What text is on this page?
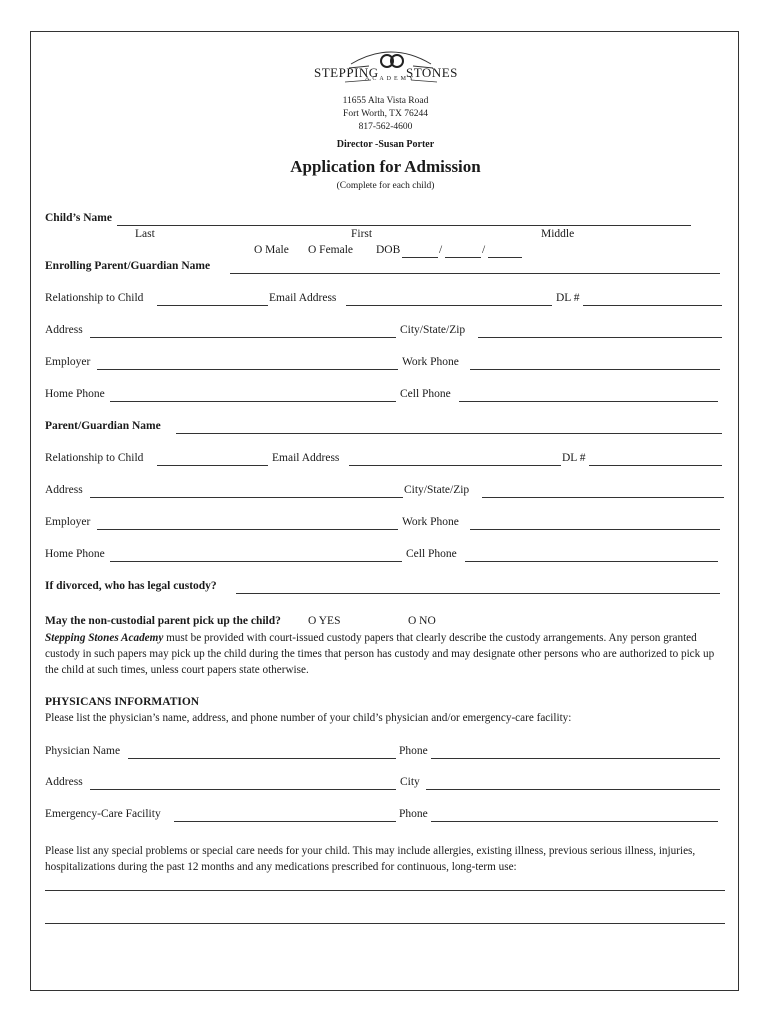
STEPPING STONES
ACADEMY
11655 Alta Vista Road
Fort Worth, TX 76244
817-562-4600
Director -Susan Porter
Application for Admission
(Complete for each child)
Child’s Name
Last	First	Middle
O Male O Female DOB	/	/
Enrolling Parent/Guardian Name
Relationship to Child	Email Address	DL #
Address	City/State/Zip
Employer	Work Phone
Home Phone	Cell Phone
Parent/Guardian Name
Relationship to Child	Email Address	DL #
Address	City/State/Zip
Employer	Work Phone
Home Phone	Cell Phone
If divorced, who has legal custody?
May the non-custodial parent pick up the child? O YES	O NO
Stepping Stones Academy must be provided with court-issued custody papers that clearly describe the custody arrangements. Any person granted custody in such papers may pick up the child during the times that person has custody and may designate other persons who are authorized to pick up the child at such times, unless court papers state otherwise.
PHYSICANS INFORMATION
Please list the physician’s name, address, and phone number of your child’s physician and/or emergency-care facility:
Physician Name	Phone
Address	City
Emergency-Care Facility	Phone
Please list any special problems or special care needs for your child. This may include allergies, existing illness, previous serious illness, injuries, hospitalizations during the past 12 months and any medications prescribed for continuous, long-term use:
